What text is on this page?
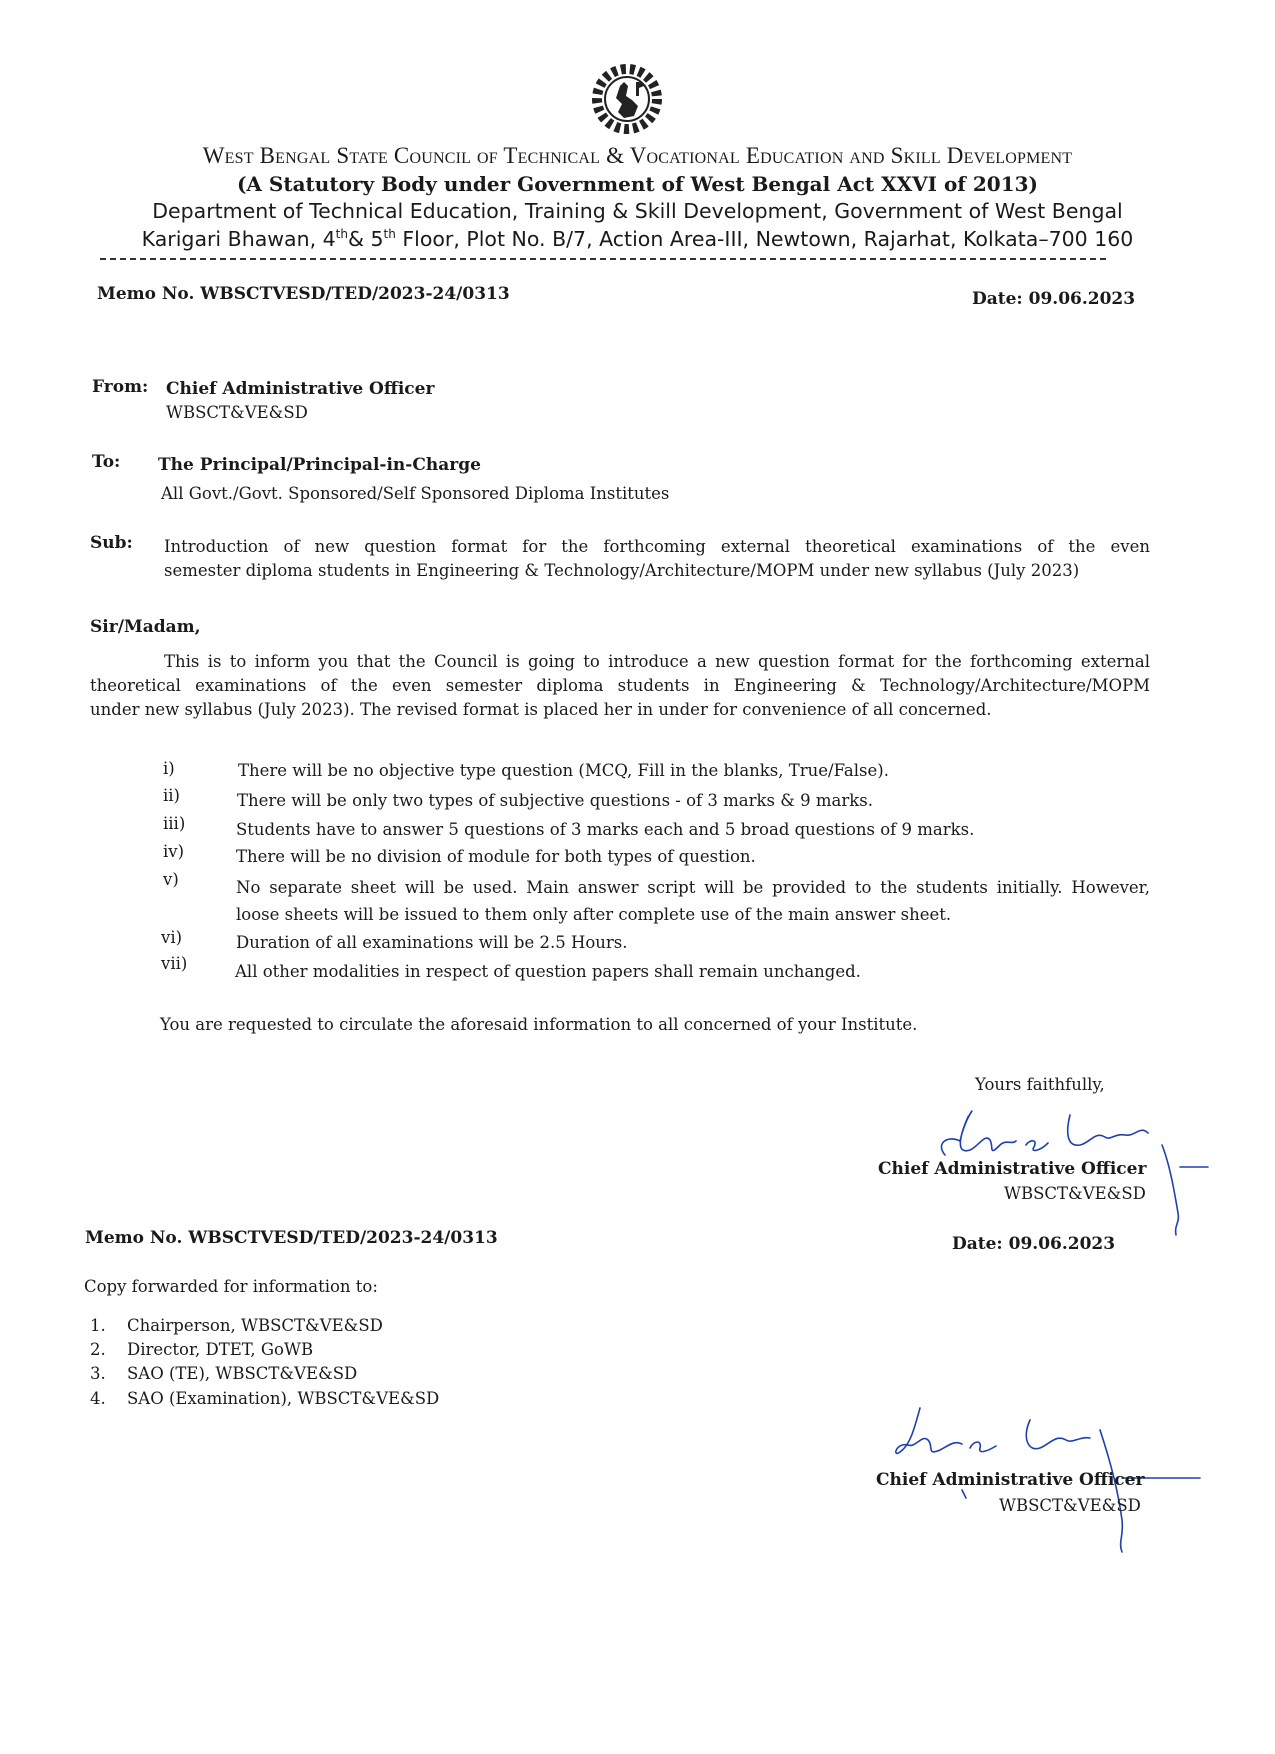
West Bengal State Council of Technical & Vocational Education and Skill Development
(A Statutory Body under Government of West Bengal Act XXVI of 2013)
Department of Technical Education, Training & Skill Development, Government of West Bengal
Karigari Bhawan, 4th& 5th Floor, Plot No. B/7, Action Area-III, Newtown, Rajarhat, Kolkata–700 160
Memo No. WBSCTVESD/TED/2023-24/0313	Date: 09.06.2023
From: Chief Administrative Officer
WBSCT&VE&SD
To: The Principal/Principal-in-Charge
All Govt./Govt. Sponsored/Self Sponsored Diploma Institutes
Sub: Introduction of new question format for the forthcoming external theoretical examinations of the even
semester diploma students in Engineering & Technology/Architecture/MOPM under new syllabus (July 2023)
Sir/Madam,
This is to inform you that the Council is going to introduce a new question format for the forthcoming external
theoretical examinations of the even semester diploma students in Engineering & Technology/Architecture/MOPM
under new syllabus (July 2023). The revised format is placed her in under for convenience of all concerned.
i)	There will be no objective type question (MCQ, Fill in the blanks, True/False).
ii)	There will be only two types of subjective questions - of 3 marks & 9 marks.
iii)	Students have to answer 5 questions of 3 marks each and 5 broad questions of 9 marks.
iv)	There will be no division of module for both types of question.
v)	No separate sheet will be used. Main answer script will be provided to the students initially. However,
loose sheets will be issued to them only after complete use of the main answer sheet.
vi)	Duration of all examinations will be 2.5 Hours.
vii)	All other modalities in respect of question papers shall remain unchanged.
You are requested to circulate the aforesaid information to all concerned of your Institute.
Yours faithfully,
Chief Administrative Officer
WBSCT&VE&SD
Memo No. WBSCTVESD/TED/2023-24/0313	Date: 09.06.2023
Copy forwarded for information to:
1. Chairperson, WBSCT&VE&SD
2. Director, DTET, GoWB
3. SAO (TE), WBSCT&VE&SD
4. SAO (Examination), WBSCT&VE&SD
Chief Administrative Officer
WBSCT&VE&SD
